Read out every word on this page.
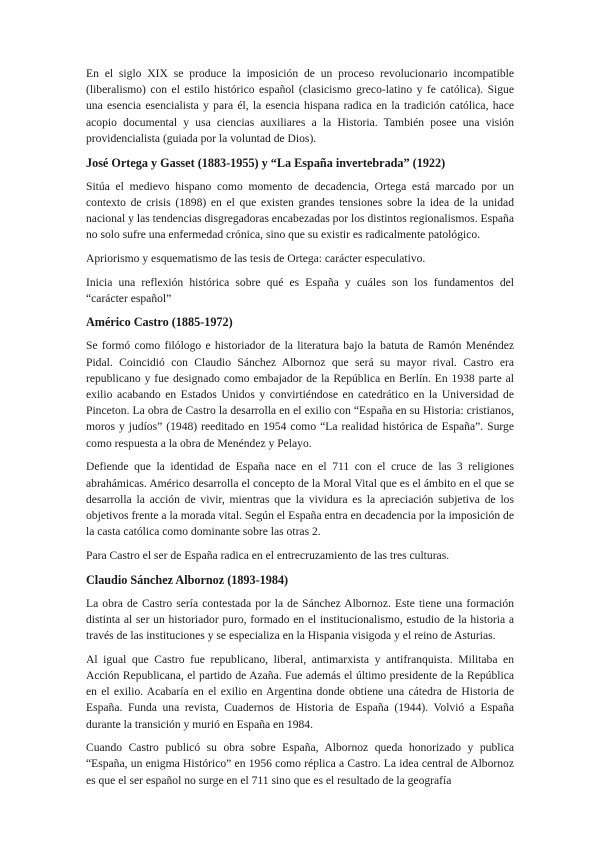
En el siglo XIX se produce la imposición de un proceso revolucionario incompatible (liberalismo) con el estilo histórico español (clasicismo greco-latino y fe católica). Sigue una esencia esencialista y para él, la esencia hispana radica en la tradición católica, hace acopio documental y usa ciencias auxiliares a la Historia. También posee una visión providencialista (guiada por la voluntad de Dios).

José Ortega y Gasset (1883-1955) y “La España invertebrada” (1922)

Sitúa el medievo hispano como momento de decadencia, Ortega está marcado por un contexto de crisis (1898) en el que existen grandes tensiones sobre la idea de la unidad nacional y las tendencias disgregadoras encabezadas por los distintos regionalismos. España no solo sufre una enfermedad crónica, sino que su existir es radicalmente patológico.

Apriorismo y esquematismo de las tesis de Ortega: carácter especulativo.

Inicia una reflexión histórica sobre qué es España y cuáles son los fundamentos del “carácter español”

Américo Castro (1885-1972)

Se formó como filólogo e historiador de la literatura bajo la batuta de Ramón Menéndez Pidal. Coincidió con Claudio Sánchez Albornoz que será su mayor rival. Castro era republicano y fue designado como embajador de la República en Berlín. En 1938 parte al exilio acabando en Estados Unidos y convirtiéndose en catedrático en la Universidad de Pinceton. La obra de Castro la desarrolla en el exilio con “España en su Historia: cristianos, moros y judíos” (1948) reeditado en 1954 como “La realidad histórica de España”. Surge como respuesta a la obra de Menéndez y Pelayo.

Defiende que la identidad de España nace en el 711 con el cruce de las 3 religiones abrahámicas. Américo desarrolla el concepto de la Moral Vital que es el ámbito en el que se desarrolla la acción de vivir, mientras que la vividura es la apreciación subjetiva de los objetivos frente a la morada vital. Según el España entra en decadencia por la imposición de la casta católica como dominante sobre las otras 2.

Para Castro el ser de España radica en el entrecruzamiento de las tres culturas.

Claudio Sánchez Albornoz (1893-1984)

La obra de Castro sería contestada por la de Sánchez Albornoz. Este tiene una formación distinta al ser un historiador puro, formado en el institucionalismo, estudio de la historia a través de las instituciones y se especializa en la Hispania visigoda y el reino de Asturias.

Al igual que Castro fue republicano, liberal, antimarxista y antifranquista. Militaba en Acción Republicana, el partido de Azaña. Fue además el último presidente de la República en el exilio. Acabaría en el exilio en Argentina donde obtiene una cátedra de Historia de España. Funda una revista, Cuadernos de Historia de España (1944). Volvió a España durante la transición y murió en España en 1984.

Cuando Castro publicó su obra sobre España, Albornoz queda honorizado y publica “España, un enigma Histórico” en 1956 como réplica a Castro. La idea central de Albornoz es que el ser español no surge en el 711 sino que es el resultado de la geografía
